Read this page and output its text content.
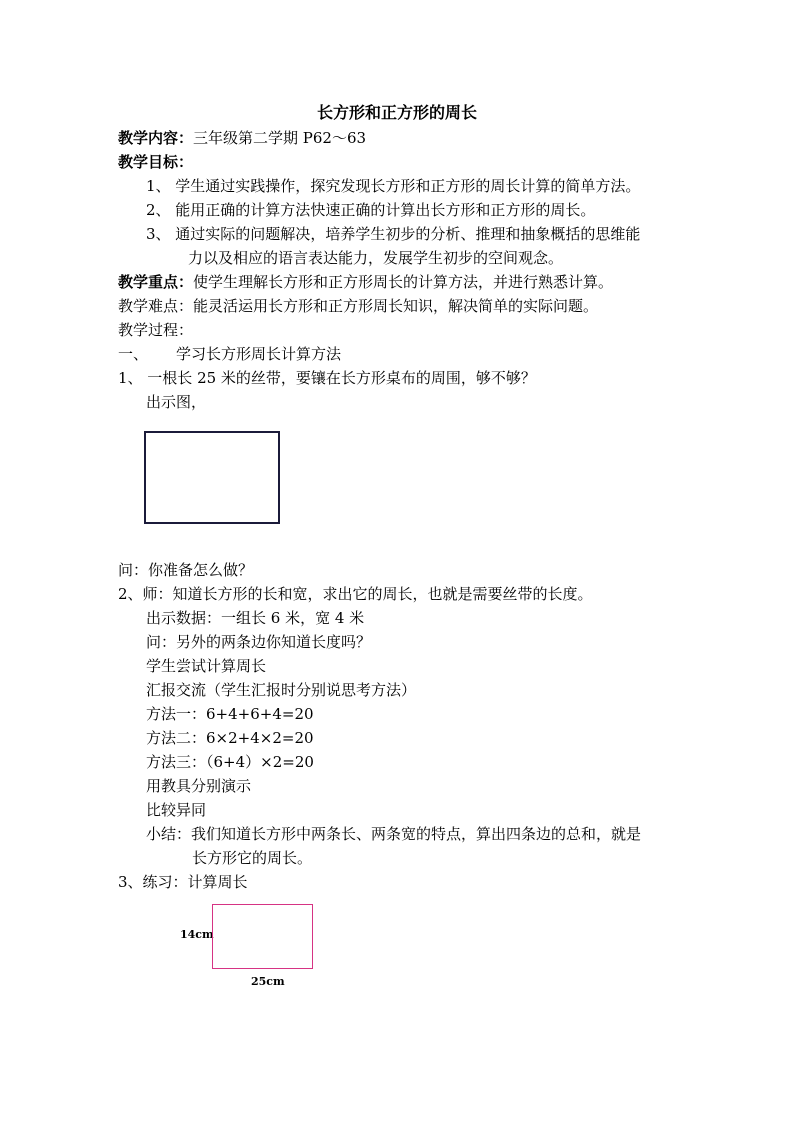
长方形和正方形的周长
教学内容：三年级第二学期 P62～63
教学目标：
1、 学生通过实践操作，探究发现长方形和正方形的周长计算的简单方法。
2、 能用正确的计算方法快速正确的计算出长方形和正方形的周长。
3、 通过实际的问题解决，培养学生初步的分析、推理和抽象概括的思维能
力以及相应的语言表达能力，发展学生初步的空间观念。
教学重点：使学生理解长方形和正方形周长的计算方法，并进行熟悉计算。
教学难点：能灵活运用长方形和正方形周长知识，解决简单的实际问题。
教学过程：
一、 学习长方形周长计算方法
1、 一根长 25 米的丝带，要镶在长方形桌布的周围，够不够？
出示图，
问：你准备怎么做？
2、师：知道长方形的长和宽，求出它的周长，也就是需要丝带的长度。
出示数据：一组长 6 米，宽 4 米
问：另外的两条边你知道长度吗？
学生尝试计算周长
汇报交流（学生汇报时分别说思考方法）
方法一：6+4+6+4=20
方法二：6×2+4×2=20
方法三：（6+4）×2=20
用教具分别演示
比较异同
小结：我们知道长方形中两条长、两条宽的特点，算出四条边的总和，就是
长方形它的周长。
3、练习：计算周长
14cm
25cm
